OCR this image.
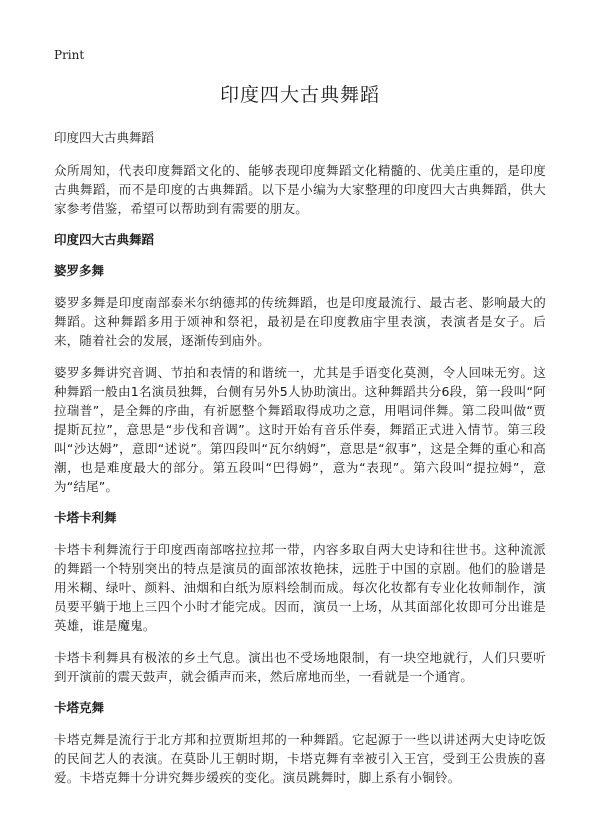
Print
印度四大古典舞蹈

印度四大古典舞蹈

众所周知，代表印度舞蹈文化的、能够表现印度舞蹈文化精髓的、优美庄重的，是印度古典舞蹈，而不是印度的古典舞蹈。以下是小编为大家整理的印度四大古典舞蹈，供大家参考借鉴，希望可以帮助到有需要的朋友。

印度四大古典舞蹈

婆罗多舞

婆罗多舞是印度南部泰米尔纳德邦的传统舞蹈，也是印度最流行、最古老、影响最大的舞蹈。这种舞蹈多用于颂神和祭祀，最初是在印度教庙宇里表演，表演者是女子。后来，随着社会的发展，逐渐传到庙外。

婆罗多舞讲究音调、节拍和表情的和谐统一，尤其是手语变化莫测，令人回味无穷。这种舞蹈一般由1名演员独舞，台侧有另外5人协助演出。这种舞蹈共分6段，第一段叫“阿拉瑞普”，是全舞的序曲，有祈愿整个舞蹈取得成功之意，用唱词伴舞。第二段叫做“贾提斯瓦拉”，意思是“步伐和音调”。这时开始有音乐伴奏，舞蹈正式进入情节。第三段叫“沙达姆”，意即“述说”。第四段叫“瓦尔纳姆”，意思是“叙事”，这是全舞的重心和高潮，也是难度最大的部分。第五段叫“巴得姆”，意为“表现”。第六段叫“提拉姆”，意为“结尾”。

卡塔卡利舞

卡塔卡利舞流行于印度西南部喀拉拉邦一带，内容多取自两大史诗和往世书。这种流派的舞蹈一个特别突出的特点是演员的面部浓妆艳抹，远胜于中国的京剧。他们的脸谱是用米糊、绿叶、颜料、油烟和白纸为原料绘制而成。每次化妆都有专业化妆师制作，演员要平躺于地上三四个小时才能完成。因而，演员一上场，从其面部化妆即可分出谁是英雄，谁是魔鬼。

卡塔卡利舞具有极浓的乡土气息。演出也不受场地限制，有一块空地就行，人们只要听到开演前的震天鼓声，就会循声而来，然后席地而坐，一看就是一个通宵。

卡塔克舞

卡塔克舞是流行于北方邦和拉贾斯坦邦的一种舞蹈。它起源于一些以讲述两大史诗吃饭的民间艺人的表演。在莫卧儿王朝时期，卡塔克舞有幸被引入王宫，受到王公贵族的喜爱。卡塔克舞十分讲究舞步缓疾的变化。演员跳舞时，脚上系有小铜铃。
